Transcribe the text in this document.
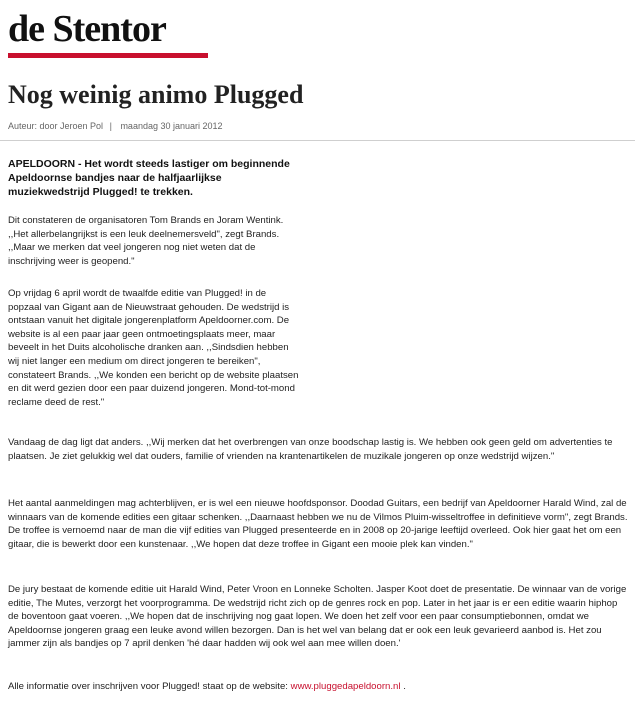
de Stentor
Nog weinig animo Plugged
Auteur: door Jeroen Pol | maandag 30 januari 2012

APELDOORN - Het wordt steeds lastiger om beginnende Apeldoornse bandjes naar de halfjaarlijkse muziekwedstrijd Plugged! te trekken.

Dit constateren de organisatoren Tom Brands en Joram Wentink. ,,Het allerbelangrijkst is een leuk deelnemersveld", zegt Brands. ,,Maar we merken dat veel jongeren nog niet weten dat de inschrijving weer is geopend."

Op vrijdag 6 april wordt de twaalfde editie van Plugged! in de popzaal van Gigant aan de Nieuwstraat gehouden. De wedstrijd is ontstaan vanuit het digitale jongerenplatform Apeldoorner.com. De website is al een paar jaar geen ontmoetingsplaats meer, maar beveelt in het Duits alcoholische dranken aan. ,,Sindsdien hebben wij niet langer een medium om direct jongeren te bereiken", constateert Brands. ,,We konden een bericht op de website plaatsen en dit werd gezien door een paar duizend jongeren. Mond-tot-mond reclame deed de rest."

Vandaag de dag ligt dat anders. ,,Wij merken dat het overbrengen van onze boodschap lastig is. We hebben ook geen geld om advertenties te plaatsen. Je ziet gelukkig wel dat ouders, familie of vrienden na krantenartikelen de muzikale jongeren op onze wedstrijd wijzen."

Het aantal aanmeldingen mag achterblijven, er is wel een nieuwe hoofdsponsor. Doodad Guitars, een bedrijf van Apeldoorner Harald Wind, zal de winnaars van de komende edities een gitaar schenken. ,,Daarnaast hebben we nu de Vilmos Pluim-wisseltroffee in definitieve vorm", zegt Brands. De troffee is vernoemd naar de man die vijf edities van Plugged presenteerde en in 2008 op 20-jarige leeftijd overleed. Ook hier gaat het om een gitaar, die is bewerkt door een kunstenaar. ,,We hopen dat deze troffee in Gigant een mooie plek kan vinden."

De jury bestaat de komende editie uit Harald Wind, Peter Vroon en Lonneke Scholten. Jasper Koot doet de presentatie. De winnaar van de vorige editie, The Mutes, verzorgt het voorprogramma. De wedstrijd richt zich op de genres rock en pop. Later in het jaar is er een editie waarin hiphop de boventoon gaat voeren. ,,We hopen dat de inschrijving nog gaat lopen. We doen het zelf voor een paar consumptiebonnen, omdat we Apeldoornse jongeren graag een leuke avond willen bezorgen. Dan is het wel van belang dat er ook een leuk gevarieerd aanbod is. Het zou jammer zijn als bandjes op 7 april denken 'hé daar hadden wij ook wel aan mee willen doen.'

Alle informatie over inschrijven voor Plugged! staat op de website: www.pluggedapeldoorn.nl .
